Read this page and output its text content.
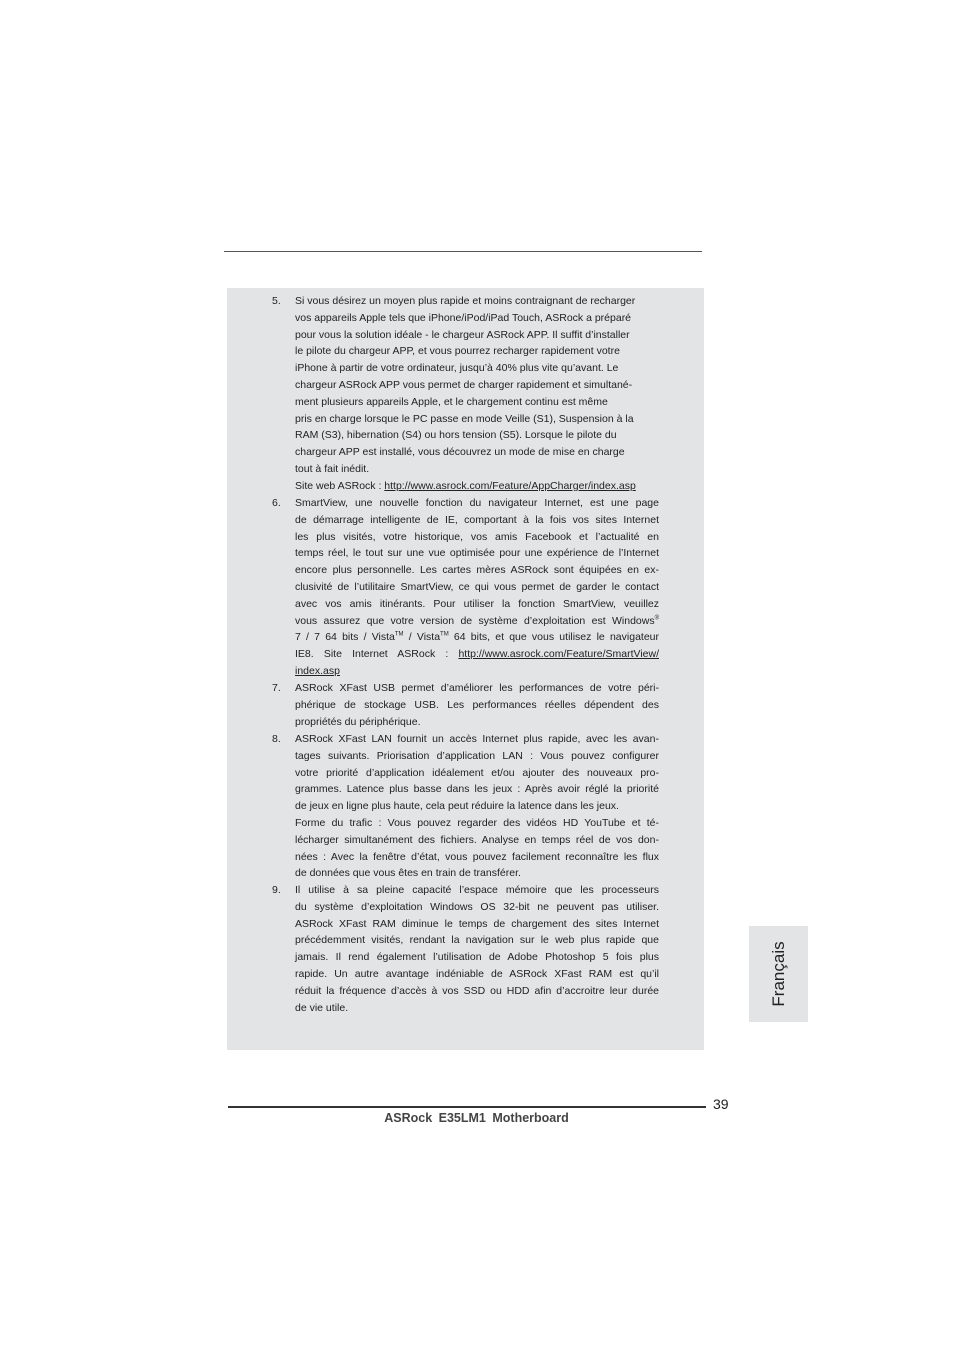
5. Si vous désirez un moyen plus rapide et moins contraignant de recharger
vos appareils Apple tels que iPhone/iPod/iPad Touch, ASRock a préparé
pour vous la solution idéale - le chargeur ASRock APP. Il suffit d’installer
le pilote du chargeur APP, et vous pourrez recharger rapidement votre
iPhone à partir de votre ordinateur, jusqu’à 40% plus vite qu’avant. Le
chargeur ASRock APP vous permet de charger rapidement et simultané-
ment plusieurs appareils Apple, et le chargement continu est même
pris en charge lorsque le PC passe en mode Veille (S1), Suspension à la
RAM (S3), hibernation (S4) ou hors tension (S5). Lorsque le pilote du
chargeur APP est installé, vous découvrez un mode de mise en charge
tout à fait inédit.
Site web ASRock : http://www.asrock.com/Feature/AppCharger/index.asp
6. SmartView, une nouvelle fonction du navigateur Internet, est une page
de démarrage intelligente de IE, comportant à la fois vos sites Internet
les plus visités, votre historique, vos amis Facebook et l’actualité en
temps réel, le tout sur une vue optimisée pour une expérience de l’Internet
encore plus personnelle. Les cartes mères ASRock sont équipées en ex-
clusivité de l’utilitaire SmartView, ce qui vous permet de garder le contact
avec vos amis itinérants. Pour utiliser la fonction SmartView, veuillez
vous assurez que votre version de système d’exploitation est Windows®
7 / 7 64 bits / Vista™ / Vista™ 64 bits, et que vous utilisez le navigateur
IE8. Site Internet ASRock : http://www.asrock.com/Feature/SmartView/
index.asp
7. ASRock XFast USB permet d’améliorer les performances de votre péri-
phérique de stockage USB. Les performances réelles dépendent des
propriétés du périphérique.
8. ASRock XFast LAN fournit un accès Internet plus rapide, avec les avan-
tages suivants. Priorisation d’application LAN : Vous pouvez configurer
votre priorité d’application idéalement et/ou ajouter des nouveaux pro-
grammes. Latence plus basse dans les jeux : Après avoir réglé la priorité
de jeux en ligne plus haute, cela peut réduire la latence dans les jeux.
Forme du trafic : Vous pouvez regarder des vidéos HD YouTube et té-
lécharger simultanément des fichiers. Analyse en temps réel de vos don-
nées : Avec la fenêtre d’état, vous pouvez facilement reconnaître les flux
de données que vous êtes en train de transférer.
9. Il utilise à sa pleine capacité l’espace mémoire que les processeurs
du système d’exploitation Windows OS 32-bit ne peuvent pas utiliser.
ASRock XFast RAM diminue le temps de chargement des sites Internet
précédemment visités, rendant la navigation sur le web plus rapide que
jamais. Il rend également l’utilisation de Adobe Photoshop 5 fois plus
rapide. Un autre avantage indéniable de ASRock XFast RAM est qu’il
réduit la fréquence d’accès à vos SSD ou HDD afin d’accroitre leur durée
de vie utile.
Français
39
ASRock E35LM1 Motherboard
